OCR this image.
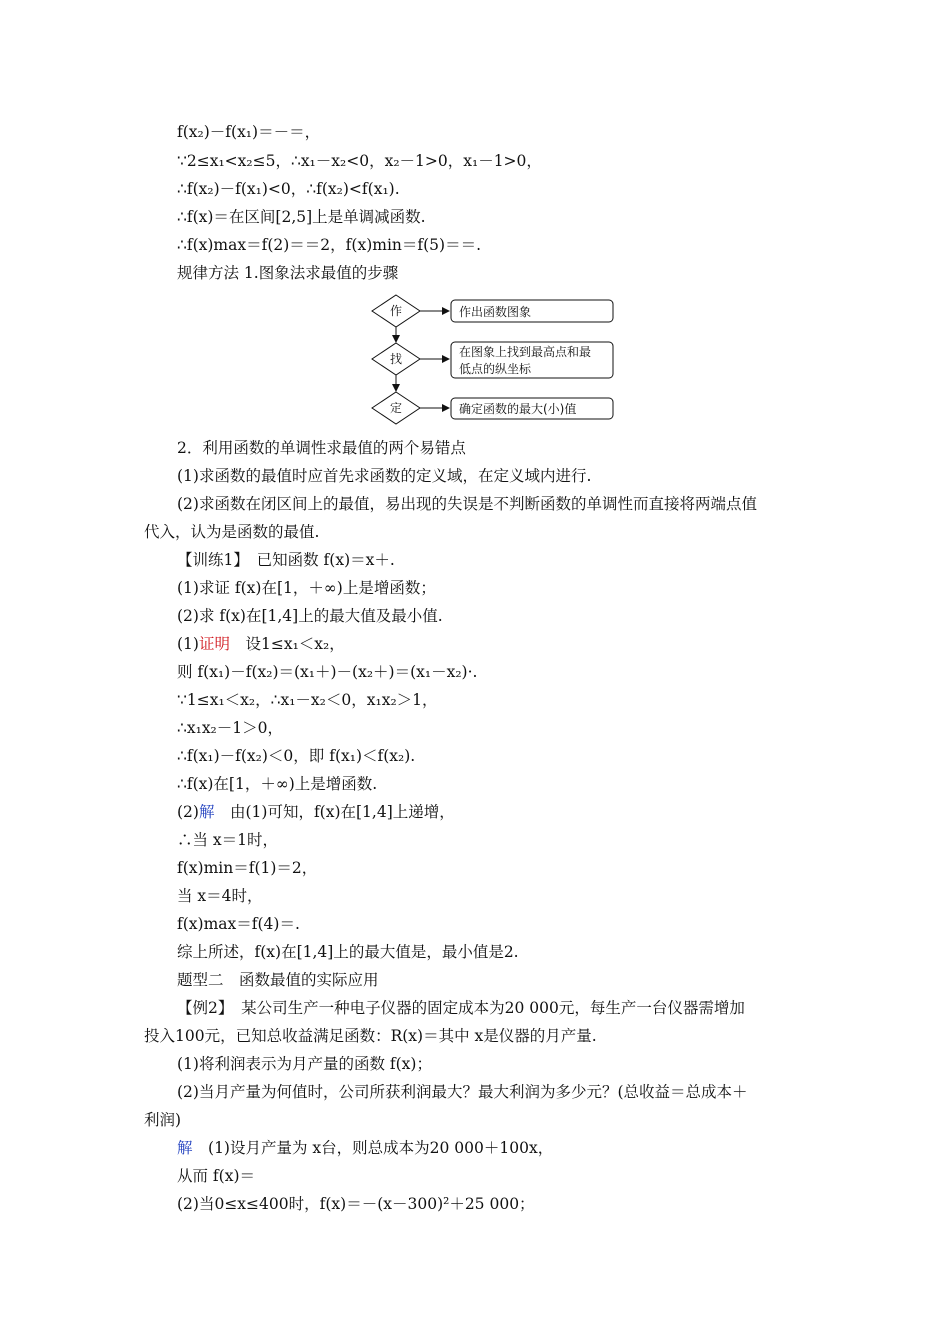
f(x₂)－f(x₁)＝－＝，
∵2≤x₁<x₂≤5，∴x₁－x₂<0，x₂－1>0，x₁－1>0，
∴f(x₂)－f(x₁)<0，∴f(x₂)<f(x₁).
∴f(x)＝在区间[2,5]上是单调减函数.
∴f(x)max＝f(2)＝＝2，f(x)min＝f(5)＝＝.
规律方法 1.图象法求最值的步骤
作
找
定
作出函数图象
在图象上找到最高点和最
低点的纵坐标
确定函数的最大(小)值
2．利用函数的单调性求最值的两个易错点
(1)求函数的最值时应首先求函数的定义域，在定义域内进行.
(2)求函数在闭区间上的最值，易出现的失误是不判断函数的单调性而直接将两端点值
代入，认为是函数的最值.
【训练1】　已知函数 f(x)＝x＋.
(1)求证 f(x)在[1，＋∞)上是增函数；
(2)求 f(x)在[1,4]上的最大值及最小值.
(1)证明　设1≤x₁＜x₂，
则 f(x₁)－f(x₂)＝(x₁＋)－(x₂＋)＝(x₁－x₂)·.
∵1≤x₁＜x₂，∴x₁－x₂＜0，x₁x₂＞1，
∴x₁x₂－1＞0，
∴f(x₁)－f(x₂)＜0，即 f(x₁)＜f(x₂).
∴f(x)在[1，＋∞)上是增函数.
(2)解　由(1)可知，f(x)在[1,4]上递增，
∴当 x＝1时，
f(x)min＝f(1)＝2，
当 x＝4时，
f(x)max＝f(4)＝.
综上所述，f(x)在[1,4]上的最大值是，最小值是2.
题型二　函数最值的实际应用
【例2】　某公司生产一种电子仪器的固定成本为20 000元，每生产一台仪器需增加
投入100元，已知总收益满足函数：R(x)＝其中 x是仪器的月产量.
(1)将利润表示为月产量的函数 f(x)；
(2)当月产量为何值时，公司所获利润最大？最大利润为多少元？(总收益＝总成本＋
利润)
解　(1)设月产量为 x台，则总成本为20 000＋100x，
从而 f(x)＝
(2)当0≤x≤400时，f(x)＝－(x－300)²＋25 000；
